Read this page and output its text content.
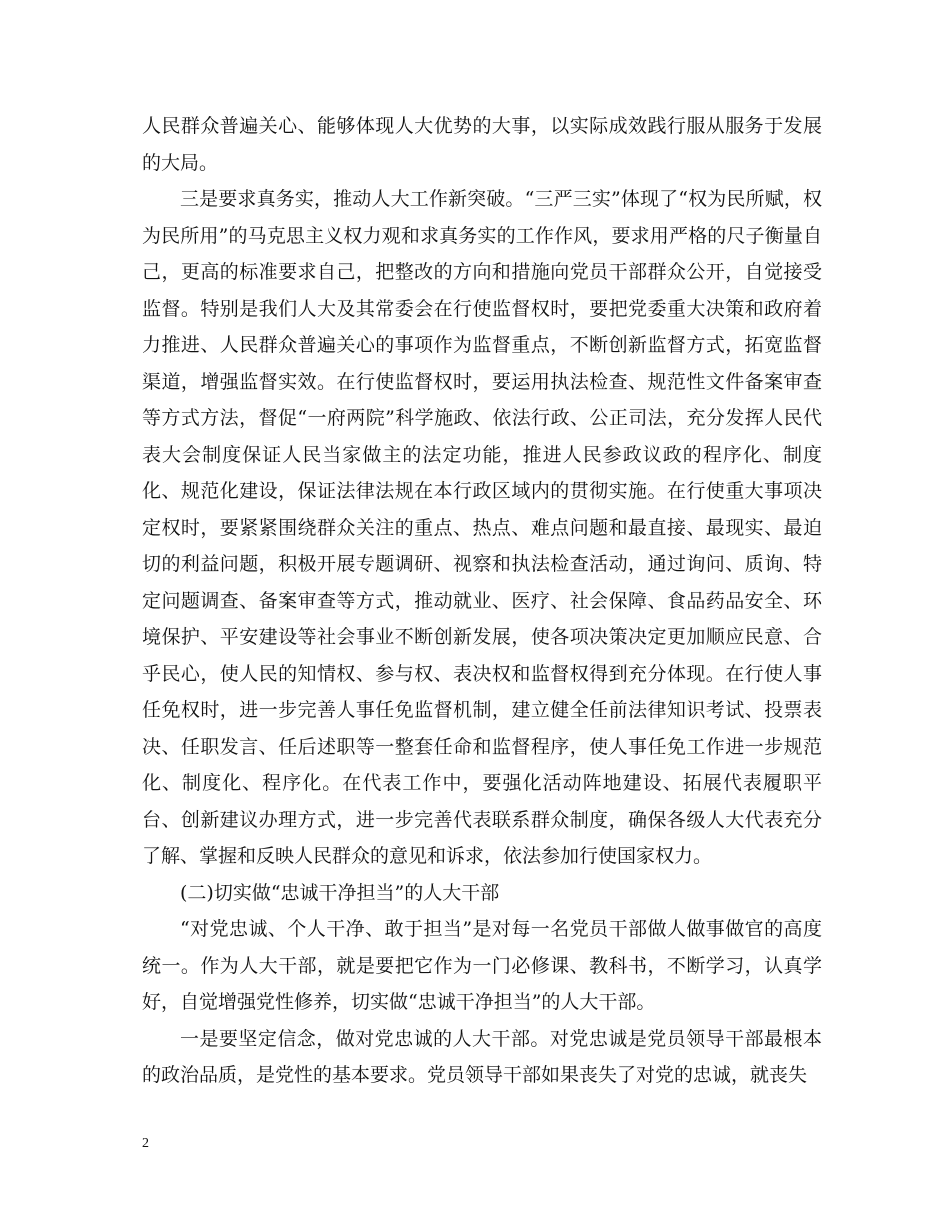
人民群众普遍关心、能够体现人大优势的大事，以实际成效践行服从服务于发展的大局。

三是要求真务实，推动人大工作新突破。“三严三实”体现了“权为民所赋，权为民所用”的马克思主义权力观和求真务实的工作作风，要求用严格的尺子衡量自己，更高的标准要求自己，把整改的方向和措施向党员干部群众公开，自觉接受监督。特别是我们人大及其常委会在行使监督权时，要把党委重大决策和政府着力推进、人民群众普遍关心的事项作为监督重点，不断创新监督方式，拓宽监督渠道，增强监督实效。在行使监督权时，要运用执法检查、规范性文件备案审查等方式方法，督促“一府两院”科学施政、依法行政、公正司法，充分发挥人民代表大会制度保证人民当家做主的法定功能，推进人民参政议政的程序化、制度化、规范化建设，保证法律法规在本行政区域内的贯彻实施。在行使重大事项决定权时，要紧紧围绕群众关注的重点、热点、难点问题和最直接、最现实、最迫切的利益问题，积极开展专题调研、视察和执法检查活动，通过询问、质询、特定问题调查、备案审查等方式，推动就业、医疗、社会保障、食品药品安全、环境保护、平安建设等社会事业不断创新发展，使各项决策决定更加顺应民意、合乎民心，使人民的知情权、参与权、表决权和监督权得到充分体现。在行使人事任免权时，进一步完善人事任免监督机制，建立健全任前法律知识考试、投票表决、任职发言、任后述职等一整套任命和监督程序，使人事任免工作进一步规范化、制度化、程序化。在代表工作中，要强化活动阵地建设、拓展代表履职平台、创新建议办理方式，进一步完善代表联系群众制度，确保各级人大代表充分了解、掌握和反映人民群众的意见和诉求，依法参加行使国家权力。

(二)切实做“忠诚干净担当”的人大干部

“对党忠诚、个人干净、敢于担当”是对每一名党员干部做人做事做官的高度统一。作为人大干部，就是要把它作为一门必修课、教科书，不断学习，认真学好，自觉增强党性修养，切实做“忠诚干净担当”的人大干部。

一是要坚定信念，做对党忠诚的人大干部。对党忠诚是党员领导干部最根本的政治品质，是党性的基本要求。党员领导干部如果丧失了对党的忠诚，就丧失

2
